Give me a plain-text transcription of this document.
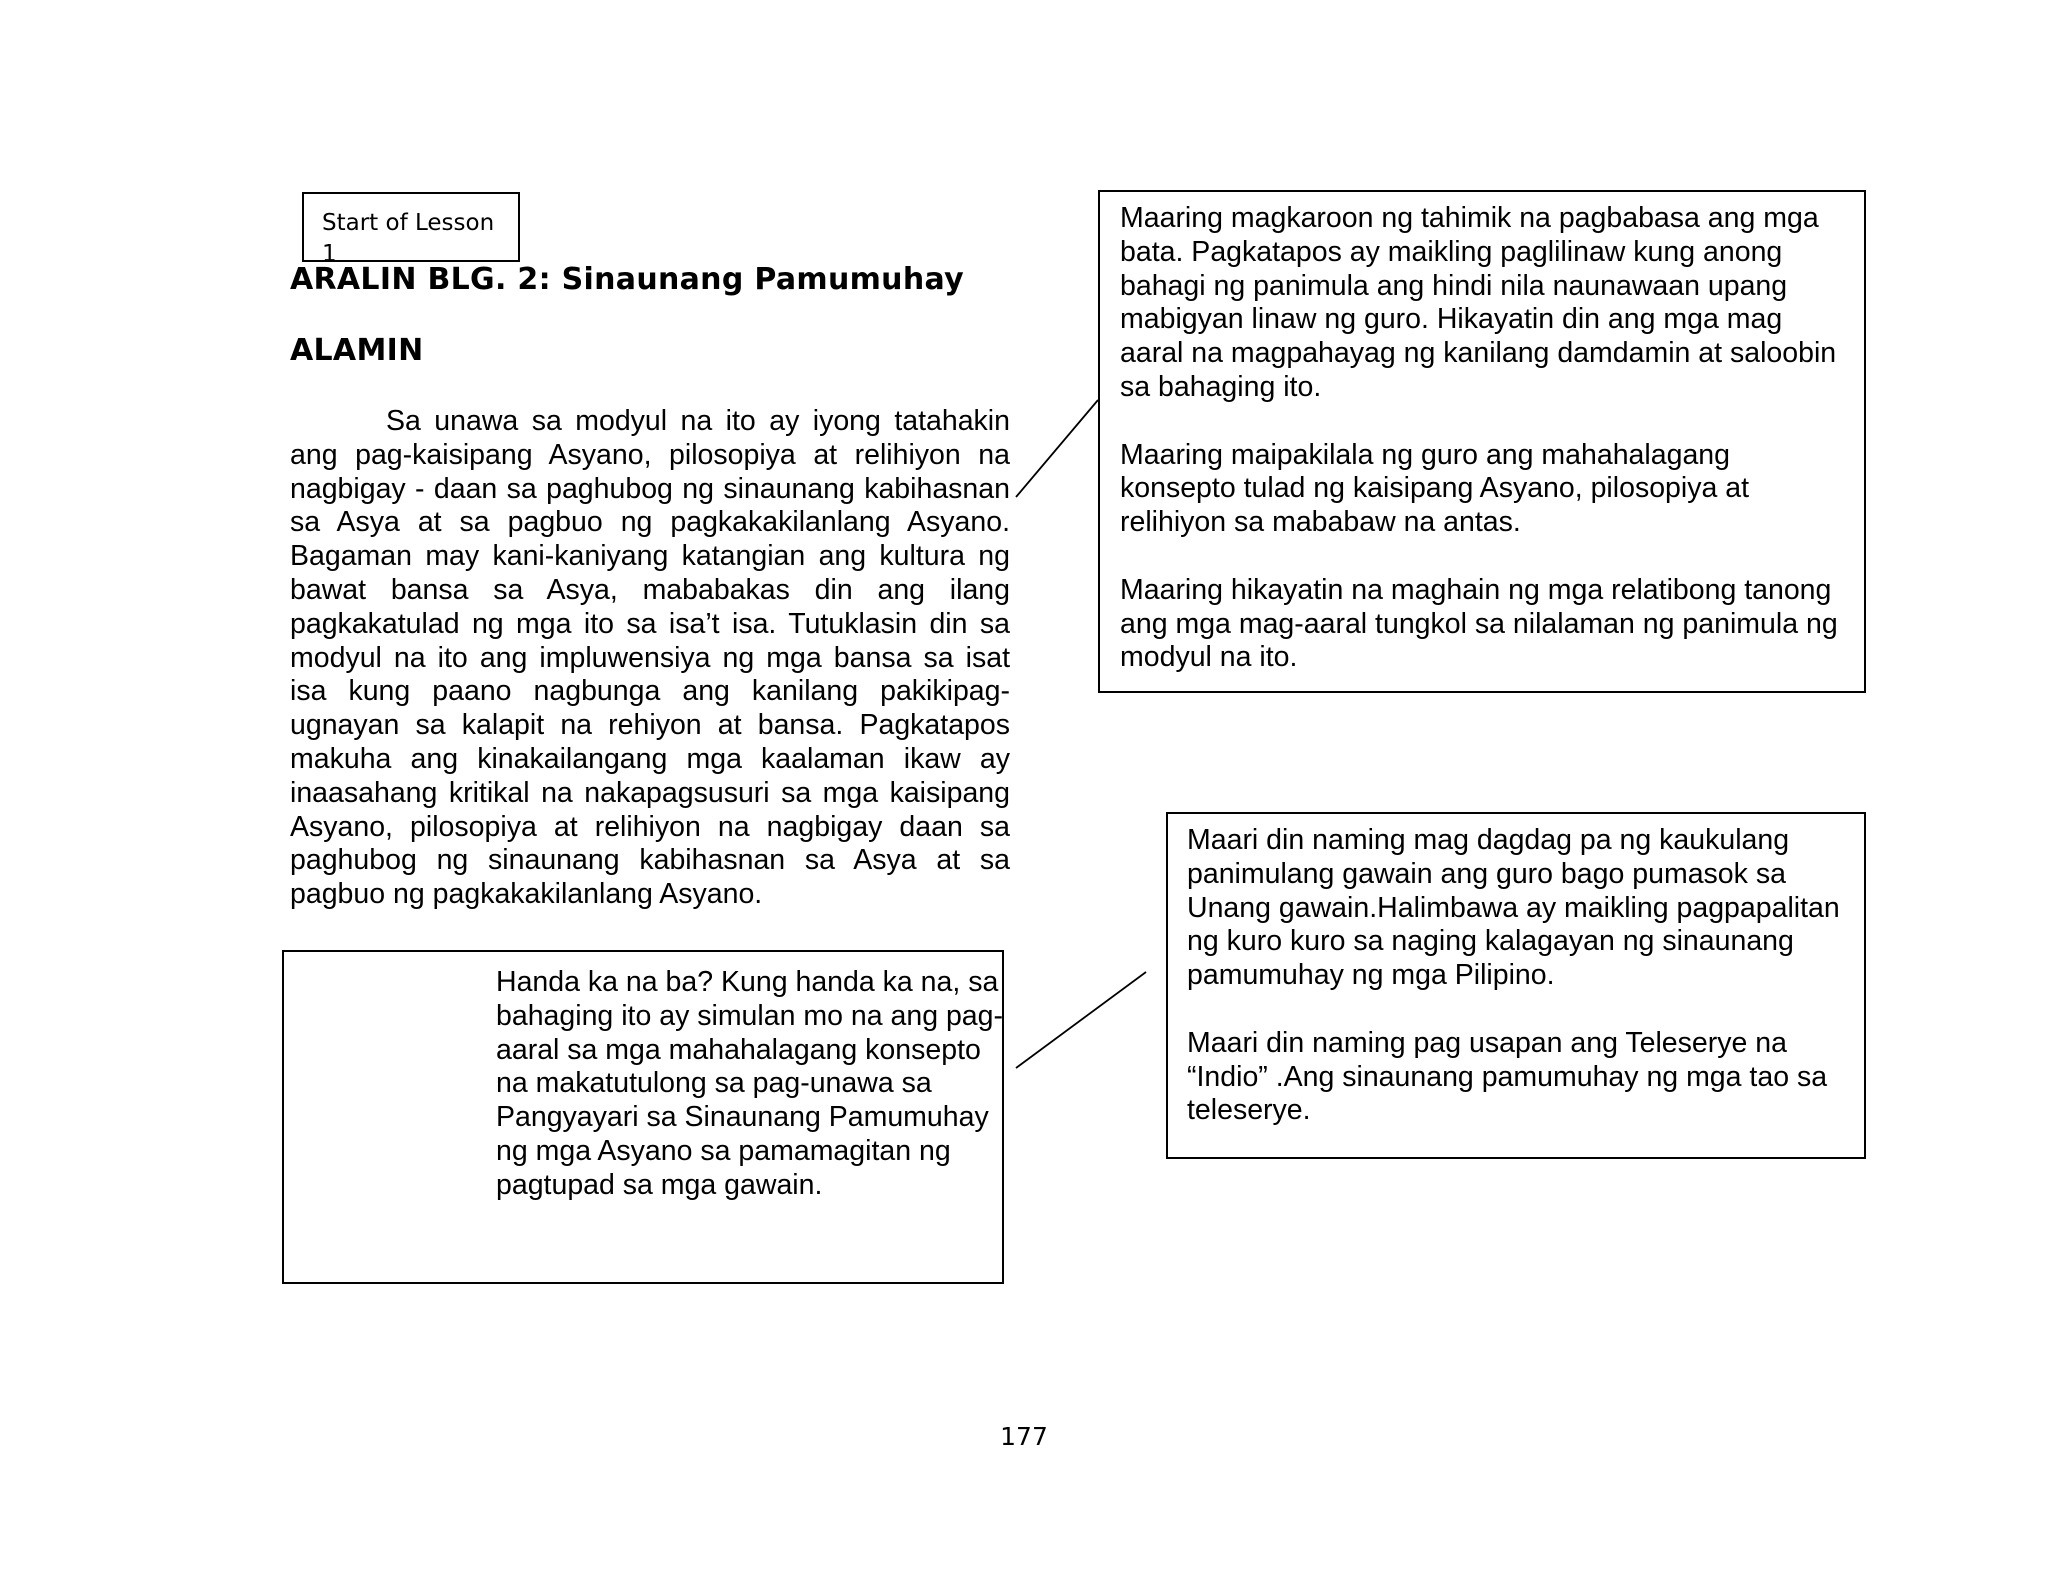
Start of Lesson
1
ARALIN BLG. 2: Sinaunang Pamumuhay
ALAMIN

Sa unawa sa modyul na ito ay iyong tatahakin ang pag-kaisipang Asyano, pilosopiya at relihiyon na nagbigay - daan sa paghubog ng sinaunang kabihasnan sa Asya at sa pagbuo ng pagkakakilanlang Asyano. Bagaman may kani-kaniyang katangian ang kultura ng bawat bansa sa Asya, mababakas din ang ilang pagkakatulad ng mga ito sa isa’t isa. Tutuklasin din sa modyul na ito ang impluwensiya ng mga bansa sa isat isa kung paano nagbunga ang kanilang pakikipag-ugnayan sa kalapit na rehiyon at bansa. Pagkatapos makuha ang kinakailangang mga kaalaman ikaw ay inaasahang kritikal na nakapagsusuri sa mga kaisipang Asyano, pilosopiya at relihiyon na nagbigay daan sa paghubog ng sinaunang kabihasnan sa Asya at sa pagbuo ng pagkakakilanlang Asyano.

Handa ka na ba? Kung handa ka na, sa bahaging ito ay simulan mo na ang pag-aaral sa mga mahahalagang konsepto na makatutulong sa pag-unawa sa Pangyayari sa Sinaunang Pamumuhay ng mga Asyano sa pamamagitan ng pagtupad sa mga gawain.

Maaring magkaroon ng tahimik na pagbabasa ang mga bata. Pagkatapos ay maikling paglilinaw kung anong bahagi ng panimula ang hindi nila naunawaan upang mabigyan linaw ng guro. Hikayatin din ang mga mag aaral na magpahayag ng kanilang damdamin at saloobin sa bahaging ito.

Maaring maipakilala ng guro ang mahahalagang konsepto tulad ng kaisipang Asyano, pilosopiya at relihiyon sa mababaw na antas.

Maaring hikayatin na maghain ng mga relatibong tanong ang mga mag-aaral tungkol sa nilalaman ng panimula ng modyul na ito.

Maari din naming mag dagdag pa ng kaukulang panimulang gawain ang guro bago pumasok sa Unang gawain.Halimbawa ay maikling pagpapalitan ng kuro kuro sa naging kalagayan ng sinaunang pamumuhay ng mga Pilipino.

Maari din naming pag usapan ang Teleserye na “Indio” .Ang sinaunang pamumuhay ng mga tao sa teleserye.

177
